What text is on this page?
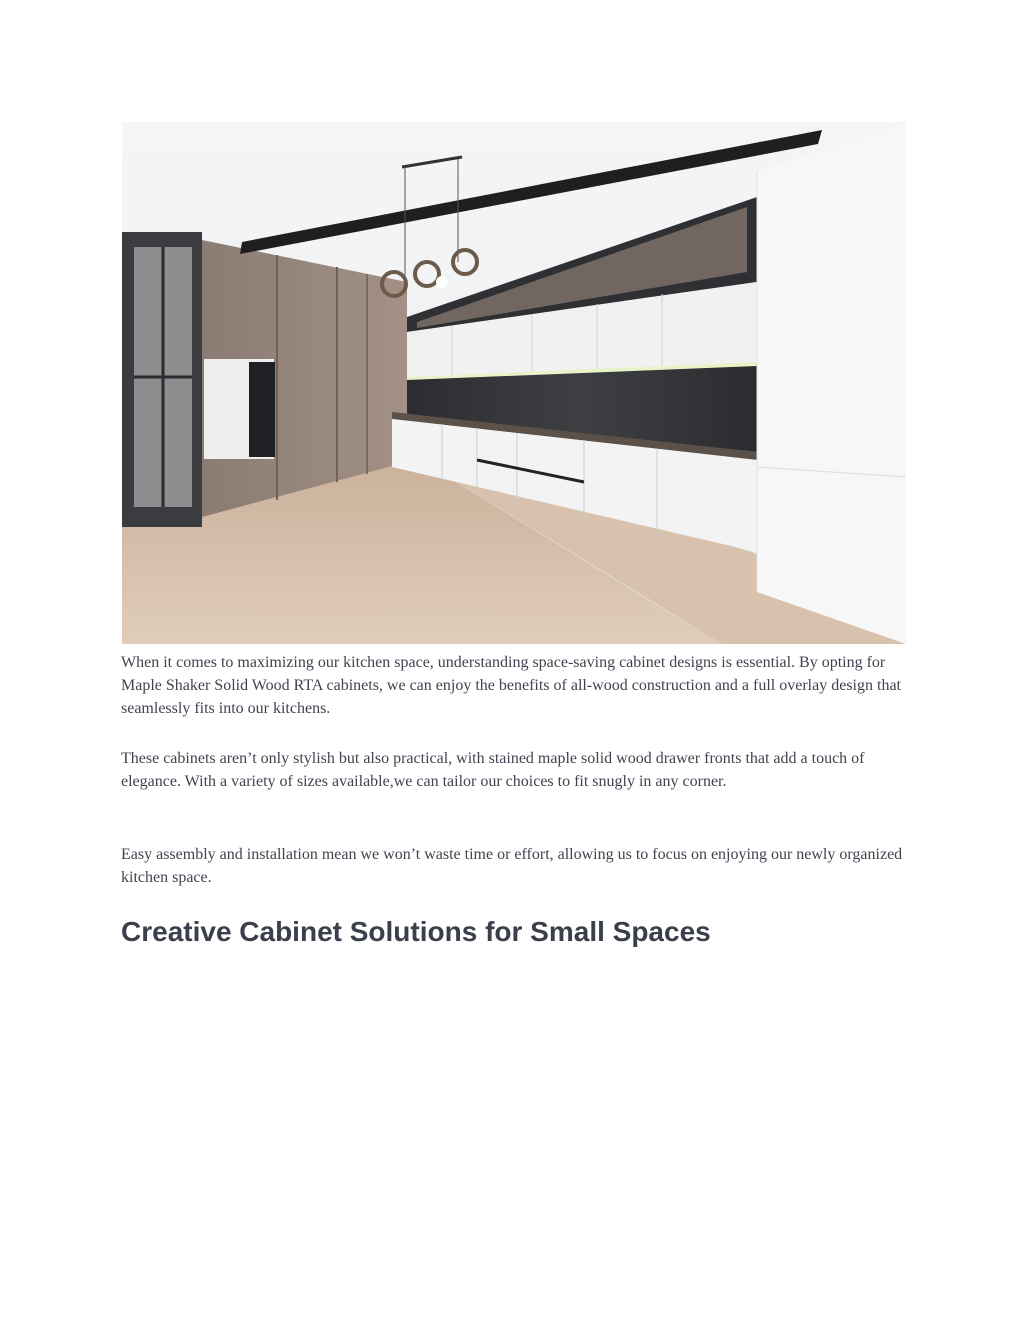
When it comes to maximizing our kitchen space, understanding space-saving cabinet designs is essential. By opting for Maple Shaker Solid Wood RTA cabinets, we can enjoy the benefits of all-wood construction and a full overlay design that seamlessly fits into our kitchens.

These cabinets aren’t only stylish but also practical, with stained maple solid wood drawer fronts that add a touch of elegance. With a variety of sizes available,we can tailor our choices to fit snugly in any corner.

Easy assembly and installation mean we won’t waste time or effort, allowing us to focus on enjoying our newly organized kitchen space.

Creative Cabinet Solutions for Small Spaces
